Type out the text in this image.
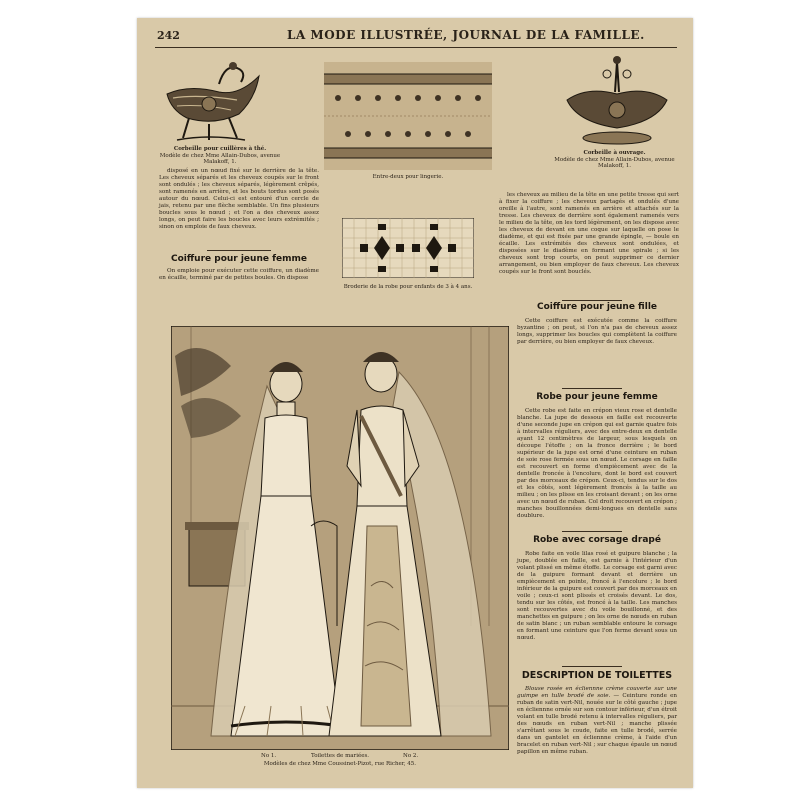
242	LA MODE ILLUSTRÉE, JOURNAL DE LA FAMILLE.
Corbeille pour cuillères à thé.
Modèle de chez Mme Allain-Dubos, avenue Malakoff, 1.
Entre-deux pour lingerie.
Corbeille à ouvrage.
Modèle de chez Mme Allain-Dubos, avenue Malakoff, 1.

disposé en un nœud fixé sur le derrière de la tête. Les cheveux séparés et les cheveux coupés sur le front sont ondulés ; les cheveux séparés, légèrement crêpés, sont ramenés en arrière, et les bouts tordus sont posés autour du nœud. Celui-ci est entouré d'un cercle de jais, retenu par une flèche semblable. Un fins plusieurs boucles sous le nœud ; et l'on a des cheveux assez longs, on peut faire les boucles avec leurs extrémités ; sinon on emploie de faux cheveux.

Coiffure pour jeune femme

On emploie pour exécuter cette coiffure, un diadème en écaille, terminé par de petites boules. On dispose

Broderie de la robe pour enfants de 3 à 4 ans.

les cheveux au milieu de la tête en une petite tresse qui sert à fixer la coiffure ; les cheveux partagés et ondulés d'une oreille à l'autre, sont ramenés en arrière et attachés sur la tresse. Les cheveux de derrière sont également ramenés vers le milieu de la tête, on les tord légèrement, on les dispose avec les cheveux de devant en une coque sur laquelle on pose le diadème, et qui est fixée par une grande épingle, — boule en écaille. Les extrémités des cheveux sont ondulées, et disposées sur le diadème en formant une spirale ; si les cheveux sont trop courts, on peut supprimer ce dernier arrangement, ou bien employer de faux cheveux. Les cheveux coupés sur le front sont bouclés.

No 1.	Toilettes de mariées.	No 2.
Modèles de chez Mme Coussinet-Pizot, rue Richer, 45.
Coiffure pour jeune fille

Cette coiffure est exécutée comme la coiffure byzantine ; on peut, si l'on n'a pas de cheveux assez longs, supprimer les boucles qui complètent la coiffure par derrière, ou bien employer de faux cheveux.

Robe pour jeune femme

Cette robe est faite en crépon vieux rose et dentelle blanche. La jupe de dessous en faille est recouverte d'une seconde jupe en crépon qui est garnie quatre fois à intervalles réguliers, avec des entre-deux en dentelle ayant 12 centimètres de largeur, sous lesquels on découpe l'étoffe ; on la fronce derrière ; le bord supérieur de la jupe est orné d'une ceinture en ruban de soie rose fermée sous un nœud. Le corsage en faille est recouvert en forme d'empiècement avec de la dentelle froncée à l'encolure, dont le bord est couvert par des morceaux de crépon. Ceux-ci, tendus sur le dos et les côtés, sont légèrement froncés à la taille au milieu ; on les plisse en les croisant devant ; on les orne avec un nœud de ruban. Col droit recouvert en crépon ; manches bouillonnées demi-longues en dentelle sans doublure.

Robe avec corsage drapé

Robe faite en voile lilas rosé et guipure blanche ; la jupe, doublée en faille, est garnie à l'intérieur d'un volant plissé en même étoffe. Le corsage est garni avec de la guipure formant devant et derrière un empiècement en pointe, froncé à l'encolure ; le bord inférieur de la guipure est couvert par des morceaux en voile ; ceux-ci sont plissés et croisés devant. Le dos, tendu sur les côtés, est froncé à la taille. Les manches sont recouvertes avec du voile bouillonné, et des manchettes en guipure ; on les orne de nœuds en ruban de satin blanc ; un ruban semblable entoure le corsage en formant une ceinture que l'on ferme devant sous un nœud.

DESCRIPTION DE TOILETTES

Blouse rosée en écliennne crème couverte sur une guimpe en tulle brodé de soie. — Ceinture ronde en ruban de satin vert-Nil, nouée sur le côté gauche ; jupe en écliennne ornée sur son contour inférieur, d'un étroit volant en tulle brodé retenu à intervalles réguliers, par des nœuds en ruban vert-Nil ; manche plissée s'arrêtant sous le coude, faite en tulle brodé, serrée dans un gantelet en écliennne crème, à l'aide d'un bracelet en ruban vert-Nil ; sur chaque épaule un nœud papillon en même ruban.
